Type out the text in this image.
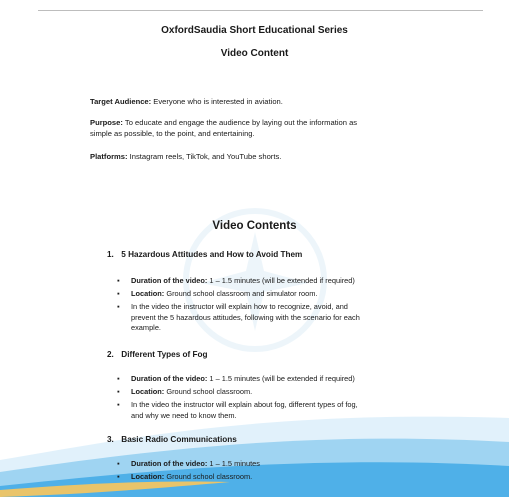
OxfordSaudia Short Educational Series
Video Content
Target Audience: Everyone who is interested in aviation.
Purpose: To educate and engage the audience by laying out the information as
simple as possible, to the point, and entertaining.
Platforms: Instagram reels, TikTok, and YouTube shorts.
Video Contents
1. 5 Hazardous Attitudes and How to Avoid Them
▪ Duration of the video: 1 – 1.5 minutes (will be extended if required)
▪ Location: Ground school classroom and simulator room.
▪ In the video the instructor will explain how to recognize, avoid, and
prevent the 5 hazardous attitudes, following with the scenario for each
example.
2. Different Types of Fog
▪ Duration of the video: 1 – 1.5 minutes (will be extended if required)
▪ Location: Ground school classroom.
▪ In the video the instructor will explain about fog, different types of fog,
and why we need to know them.
3. Basic Radio Communications
▪ Duration of the video: 1 – 1.5 minutes
▪ Location: Ground school classroom.
